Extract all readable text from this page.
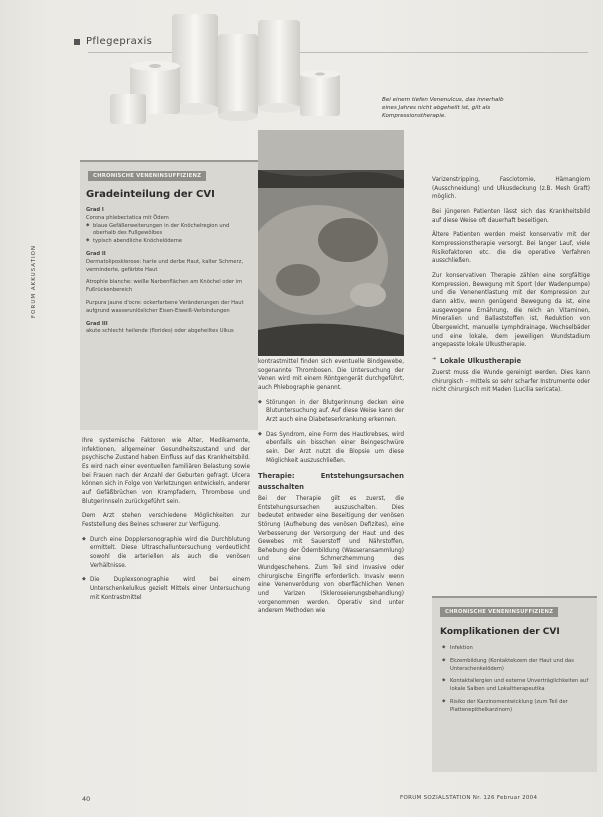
Pflegepraxis
Bei einem tiefen Venenulcus, das innerhalb eines Jahres nicht abgeheilt ist, gilt als Kompressionstherapie.
FORUM AKKUSATION
CHRONISCHE VENENINSUFFIZIENZ
Gradeinteilung der CVI
Grad I
Corona phlebectatica mit Ödem
◆ blaue Gefäßerweiterungen in der Knöchelregion und oberhalb des Fußgewölbes
◆ typisch abendliche Knöchelödeme
Grad II
Dermatoliposklerose: harte und derbe Haut, kalter Schmerz, verminderte, gefärbte Haut
Atrophie blanche: weiße Narbenflächen am Knöchel oder im Fußrückenbereich
Purpura jaune d'ocre: ockerfarbene Veränderungen der Haut aufgrund wasserunlöslicher Eisen-Eiweiß-Verbindungen
Grad III
akute schlecht heilende (florides) oder abgeheiltes Ulkus

Ihre systemische Faktoren wie Alter, Medikamente, Infektionen, allgemeiner Gesundheitszustand und der psychische Zustand haben Einfluss auf das Krankheitsbild. Es wird nach einer eventuellen familiären Belastung sowie bei Frauen nach der Anzahl der Geburten gefragt. Ulcera können sich in Folge von Verletzungen entwickeln, anderer auf Gefäßbrüchen von Krampfadern, Thrombose und Blutgerinnseln zurückgeführt sein.

Dem Arzt stehen verschiedene Möglichkeiten zur Feststellung des Beines schwerer zur Verfügung.

◆ Durch eine Dopplersonographie wird die Durchblutung ermittelt. Diese Ultraschalluntersuchung verdeutlicht sowohl die arteriellen als auch die venösen Verhältnisse.

◆ Die Duplexsonographie wird bei einem Unterschenkelulkus gezielt Mittels einer Untersuchung mit Kontrastmittel

kontrastmittel finden sich eventuelle Bindgewebe, sogenannte Thrombosen. Die Untersuchung der Venen wird mit einem Röntgengerät durchgeführt, auch Phlebographie genannt.

◆ Störungen in der Blutgerinnung decken eine Blutuntersuchung auf. Auf diese Weise kann der Arzt auch eine Diabeteserkrankung erkennen.

◆ Das Syndrom, eine Form des Hautkrebses, wird ebenfalls ein bisschen einer Beingeschwüre sein. Der Arzt nutzt die Biopsie um diese Möglichkeit auszuschließen.

Therapie: Entstehungsursachen ausschalten

Bei der Therapie gilt es zuerst, die Entstehungsursachen auszuschalten. Dies bedeutet entweder eine Beseitigung der venösen Störung (Aufhebung des venösen Defizites), eine Verbesserung der Versorgung der Haut und des Gewebes mit Sauerstoff und Nährstoffen, Behebung der Ödembildung (Wasseransammlung) und eine Schmerzhemmung des Wundgeschehens. Zum Teil sind invasive oder chirurgische Eingriffe erforderlich. Invasiv wenn eine Venenverödung von oberflächlichen Venen und Varizen (Skleroseierungsbehandlung) vorgenommen werden. Operativ sind unter anderem Methoden wie

Varizenstripping, Fasciotomie, Hämangiom (Ausschneidung) und Ulkusdeckung (z.B. Mesh Graft) möglich.

Bei jüngeren Patienten lässt sich das Krankheitsbild auf diese Weise oft dauerhaft beseitigen.

Ältere Patienten werden meist konservativ mit der Kompressionstherapie versorgt. Bei langer Lauf, viele Risikofaktoren etc. die die operative Verfahren ausschließen.

Zur konservativen Therapie zählen eine sorgfältige Kompression, Bewegung mit Sport (der Wadenpumpe) und die Venenentlastung mit der Kompression zur dann aktiv, wenn genügend Bewegung da ist, eine ausgewogene Ernährung, die reich an Vitaminen, Mineralien und Ballaststoffen ist, Reduktion von Übergewicht, manuelle Lymphdrainage, Wechselbäder und eine lokale, dem jeweiligen Wundstadium angepasste lokale Ulkustherapie.

➔ Lokale Ulkustherapie

Zuerst muss die Wunde gereinigt werden. Dies kann chirurgisch – mittels so sehr scharfer Instrumente oder nicht chirurgisch mit Maden (Lucilia sericata).

CHRONISCHE VENENINSUFFIZIENZ
Komplikationen der CVI
◆ Infektion
◆ Ekzembildung (Kontaktekzem der Haut und das Unterschenkelödem)
◆ Kontaktallergien und externe Unverträglichkeiten auf lokale Salben und Lokaltherapeutika
◆ Risiko der Karzinomentwicklung (zum Teil der Plattenepithelkarzinom)
40	FORUM SOZIALSTATION Nr. 126 Februar 2004
